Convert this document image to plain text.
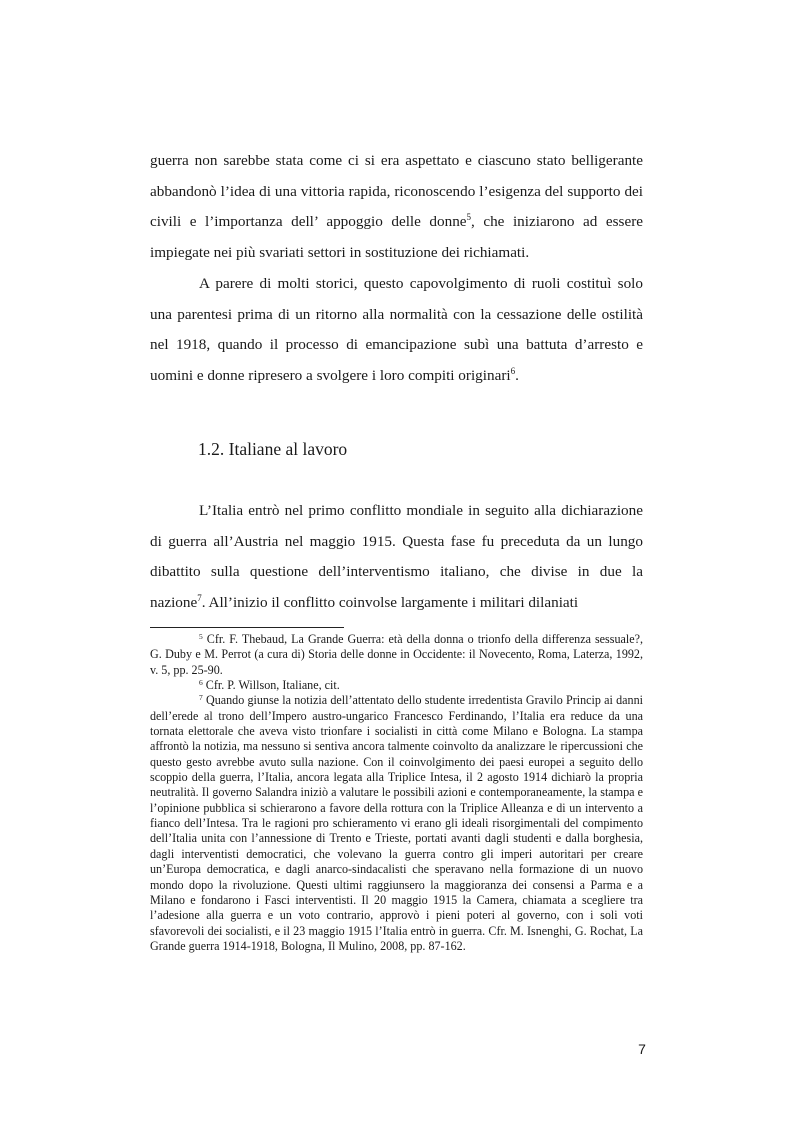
guerra non sarebbe stata come ci si era aspettato e ciascuno stato belligerante abbandonò l’idea di una vittoria rapida, riconoscendo l’esigenza del supporto dei civili e l’importanza dell’ appoggio delle donne$^5$, che iniziarono ad essere impiegate nei più svariati settori in sostituzione dei richiamati.

A parere di molti storici, questo capovolgimento di ruoli costituì solo una parentesi prima di un ritorno alla normalità con la cessazione delle ostilità nel 1918, quando il processo di emancipazione subì una battuta d’arresto e uomini e donne ripresero a svolgere i loro compiti originari$^6$.

1.2. Italiane al lavoro

L’Italia entrò nel primo conflitto mondiale in seguito alla dichiarazione di guerra all’Austria nel maggio 1915. Questa fase fu preceduta da un lungo dibattito sulla questione dell’interventismo italiano, che divise in due la nazione$^7$. All’inizio il conflitto coinvolse largamente i militari dilaniati

$^5$ Cfr. F. Thebaud, La Grande Guerra: età della donna o trionfo della differenza sessuale?, G. Duby e M. Perrot (a cura di) Storia delle donne in Occidente: il Novecento, Roma, Laterza, 1992, v. 5, pp. 25-90.

$^6$ Cfr. P. Willson, Italiane, cit.

$^7$ Quando giunse la notizia dell’attentato dello studente irredentista Gravilo Princip ai danni dell’erede al trono dell’Impero austro-ungarico Francesco Ferdinando, l’Italia era reduce da una tornata elettorale che aveva visto trionfare i socialisti in città come Milano e Bologna. La stampa affrontò la notizia, ma nessuno si sentiva ancora talmente coinvolto da analizzare le ripercussioni che questo gesto avrebbe avuto sulla nazione. Con il coinvolgimento dei paesi europei a seguito dello scoppio della guerra, l’Italia, ancora legata alla Triplice Intesa, il 2 agosto 1914 dichiarò la propria neutralità. Il governo Salandra iniziò a valutare le possibili azioni e contemporaneamente, la stampa e l’opinione pubblica si schierarono a favore della rottura con la Triplice Alleanza e di un intervento a fianco dell’Intesa. Tra le ragioni pro schieramento vi erano gli ideali risorgimentali del compimento dell’Italia unita con l’annessione di Trento e Trieste, portati avanti dagli studenti e dalla borghesia, dagli interventisti democratici, che volevano la guerra contro gli imperi autoritari per creare un’Europa democratica, e dagli anarco-sindacalisti che speravano nella formazione di un nuovo mondo dopo la rivoluzione. Questi ultimi raggiunsero la maggioranza dei consensi a Parma e a Milano e fondarono i Fasci interventisti. Il 20 maggio 1915 la Camera, chiamata a scegliere tra l’adesione alla guerra e un voto contrario, approvò i pieni poteri al governo, con i soli voti sfavorevoli dei socialisti, e il 23 maggio 1915 l’Italia entrò in guerra. Cfr. M. Isnenghi, G. Rochat, La Grande guerra 1914-1918, Bologna, Il Mulino, 2008, pp. 87-162.

7
